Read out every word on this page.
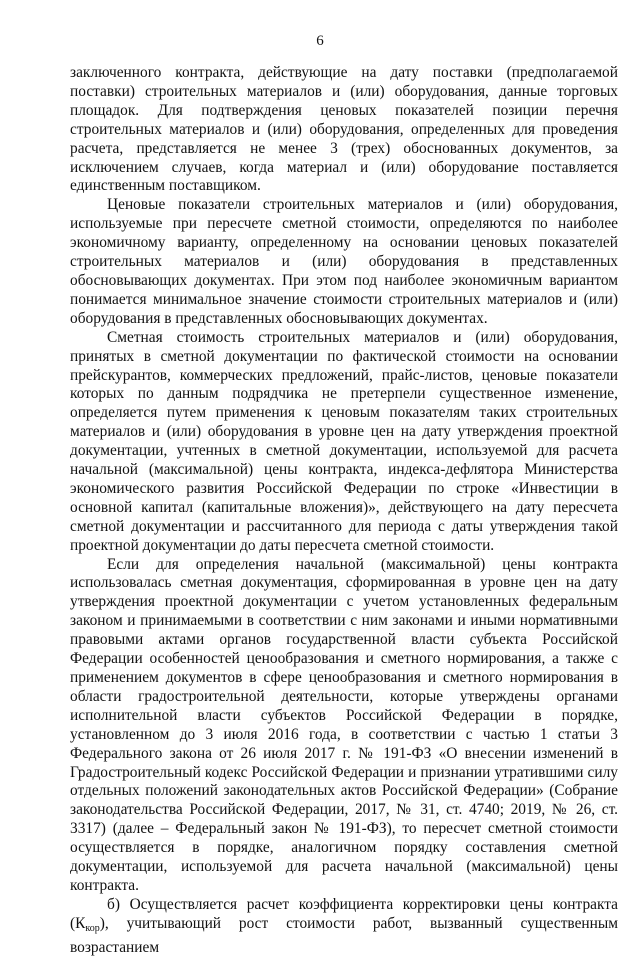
6

заключенного контракта, действующие на дату поставки (предполагаемой поставки) строительных материалов и (или) оборудования, данные торговых площадок. Для подтверждения ценовых показателей позиции перечня строительных материалов и (или) оборудования, определенных для проведения расчета, представляется не менее 3 (трех) обоснованных документов, за исключением случаев, когда материал и (или) оборудование поставляется единственным поставщиком.

Ценовые показатели строительных материалов и (или) оборудования, используемые при пересчете сметной стоимости, определяются по наиболее экономичному варианту, определенному на основании ценовых показателей строительных материалов и (или) оборудования в представленных обосновывающих документах. При этом под наиболее экономичным вариантом понимается минимальное значение стоимости строительных материалов и (или) оборудования в представленных обосновывающих документах.

Сметная стоимость строительных материалов и (или) оборудования, принятых в сметной документации по фактической стоимости на основании прейскурантов, коммерческих предложений, прайс-листов, ценовые показатели которых по данным подрядчика не претерпели существенное изменение, определяется путем применения к ценовым показателям таких строительных материалов и (или) оборудования в уровне цен на дату утверждения проектной документации, учтенных в сметной документации, используемой для расчета начальной (максимальной) цены контракта, индекса-дефлятора Министерства экономического развития Российской Федерации по строке «Инвестиции в основной капитал (капитальные вложения)», действующего на дату пересчета сметной документации и рассчитанного для периода с даты утверждения такой проектной документации до даты пересчета сметной стоимости.

Если для определения начальной (максимальной) цены контракта использовалась сметная документация, сформированная в уровне цен на дату утверждения проектной документации с учетом установленных федеральным законом и принимаемыми в соответствии с ним законами и иными нормативными правовыми актами органов государственной власти субъекта Российской Федерации особенностей ценообразования и сметного нормирования, а также с применением документов в сфере ценообразования и сметного нормирования в области градостроительной деятельности, которые утверждены органами исполнительной власти субъектов Российской Федерации в порядке, установленном до 3 июля 2016 года, в соответствии с частью 1 статьи 3 Федерального закона от 26 июля 2017 г. № 191-ФЗ «О внесении изменений в Градостроительный кодекс Российской Федерации и признании утратившими силу отдельных положений законодательных актов Российской Федерации» (Собрание законодательства Российской Федерации, 2017, № 31, ст. 4740; 2019, № 26, ст. 3317) (далее – Федеральный закон № 191-ФЗ), то пересчет сметной стоимости осуществляется в порядке, аналогичном порядку составления сметной документации, используемой для расчета начальной (максимальной) цены контракта.

б) Осуществляется расчет коэффициента корректировки цены контракта $(К_{кор})$, учитывающий рост стоимости работ, вызванный существенным возрастанием
